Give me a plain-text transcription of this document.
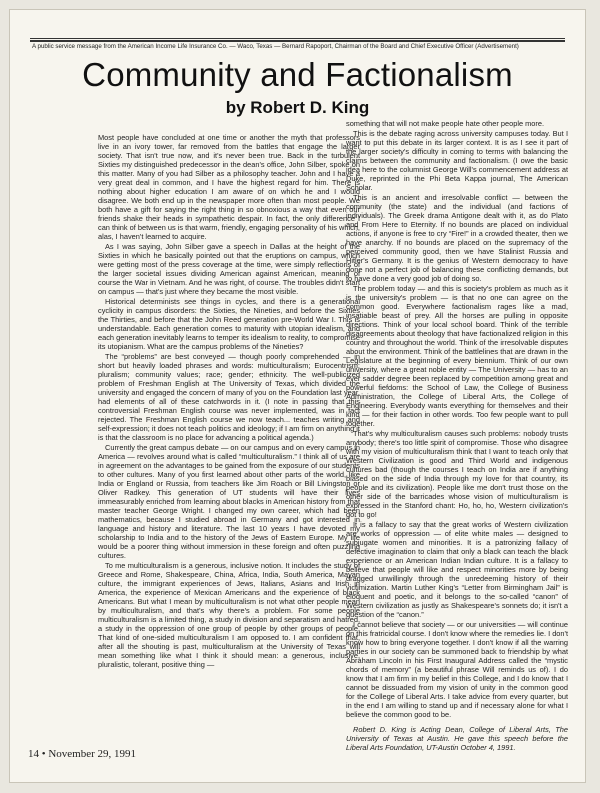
A public service message from the American Income Life Insurance Co. — Waco, Texas — Bernard Rapoport, Chairman of the Board and Chief Executive Officer (Advertisement)
Community and Factionalism
by Robert D. King

Most people have concluded at one time or another the myth that professors live in an ivory tower, far removed from the battles that engage the larger society. That isn't true now, and it's never been true. Back in the turbulent Sixties my distinguished predecessor in the dean's office, John Silber, spoke on this matter. Many of you had Silber as a philosophy teacher. John and I have a very great deal in common, and I have the highest regard for him. There is nothing about higher education I am aware of on which he and I would disagree. We both end up in the newspaper more often than most people. We both have a gift for saying the right thing in so obnoxious a way that even our friends shake their heads in sympathetic despair. In fact, the only difference I can think of between us is that warm, friendly, engaging personality of his which, alas, I haven't learned to acquire.

As I was saying, John Silber gave a speech in Dallas at the height of the Sixties in which he basically pointed out that the eruptions on campus, which were getting most of the press coverage at the time, were simply reflections of the larger societal issues dividing American against American, meaning of course the War in Vietnam. And he was right, of course. The troubles didn't start on campus — that's just where they became the most visible.

Historical determinists see things in cycles, and there is a generational cyclicity in campus disorders: the Sixties, the Nineties, and before the Sixties the Thirties, and before that the John Reed generation pre-World War I. This is understandable. Each generation comes to maturity with utopian idealism, and each generation inevitably learns to temper its idealism to reality, to compromise its utopianism. What are the campus problems of the Nineties?

The “problems” are best conveyed — though poorly comprehended — in short but heavily loaded phrases and words: multiculturalism; Eurocentrism; pluralism; community values; race; gender; ethnicity. The well-publicized problem of Freshman English at The University of Texas, which divided the university and engaged the concern of many of you on the Foundation last year, had elements of all of these catchwords in it. (I note in passing that this controversial Freshman English course was never implemented, was in fact rejected. The Freshman English course we now teach... teaches writing and self-expression; it does not teach politics and ideology; if I am firm on anything it is that the classroom is no place for advancing a political agenda.)

Currently the great campus debate — on our campus and on every campus in America — revolves around what is called “multiculturalism.” I think all of us are in agreement on the advantages to be gained from the exposure of our students to other cultures. Many of you first learned about other parts of the world, like India or England or Russia, from teachers like Jim Roach or Bill Livingston or Oliver Radkey. This generation of UT students will have their lives immeasurably enriched from learning about blacks in American history from that master teacher George Wright. I changed my own career, which had been mathematics, because I studied abroad in Germany and got interested in language and history and literature. The last 10 years I have devoted my scholarship to India and to the history of the Jews of Eastern Europe. My life would be a poorer thing without immersion in these foreign and often puzzling cultures.

To me multiculturalism is a generous, inclusive notion. It includes the study of Greece and Rome, Shakespeare, China, Africa, India, South America, Mayan culture, the immigrant experiences of Jews, Italians, Asians and Irish in America, the experience of Mexican Americans and the experience of black Americans. But what I mean by multiculturalism is not what other people mean by multiculturalism, and that's why there's a problem. For some people multiculturalism is a limited thing, a study in division and separatism and hatred, a study in the oppression of one group of people by other groups of people. That kind of one-sided multiculturalism I am opposed to. I am confident that, after all the shouting is past, multiculturalism at the University of Texas will mean something like what I think it should mean: a generous, inclusive, pluralistic, tolerant, positive thing —

something that will not make people hate other people more.

This is the debate raging across university campuses today. But I want to put this debate in its larger context. It is as I see it part of the larger society's difficulty in coming to terms with balancing the claims between the community and factionalism. (I owe the basic idea here to the columnist George Will's commencement address at Duke, reprinted in the Phi Beta Kappa journal, The American Scholar.

This is an ancient and irresolvable conflict — between the community (the state) and the individual (and factions of individuals). The Greek drama Antigone dealt with it, as do Plato and From Here to Eternity. If no bounds are placed on individual actions, if anyone is free to cry “Fire!” in a crowded theater, then we have anarchy. If no bounds are placed on the supremacy of the perceived community good, then we have Stalinist Russia and Hitler's Germany. It is the genius of Western democracy to have done not a perfect job of balancing these conflicting demands, but to have done a very good job of doing so.

The problem today — and this is society's problem as much as it is the university's problem — is that no one can agree on the common good. Everywhere factionalism rages like a mad, insatiable beast of prey. All the horses are pulling in opposite directions. Think of your local school board. Think of the terrible disagreements about theology that have factionalized religion in this country and throughout the world. Think of the irresolvable disputes about the environment. Think of the battlelines that are drawn in the Legislature at the beginning of every biennium. Think of our own university, where a great noble entity — The University — has to an ever sadder degree been replaced by competition among great and powerful fiefdoms: the School of Law, the College of Business Administration, the College of Liberal Arts, the College of Engineering. Everybody wants everything for themselves and their kind — for their faction in other words. Too few people want to pull together.

That's why multiculturalism causes such problems: nobody trusts anybody; there's too little spirit of compromise. Those who disagree with my vision of multiculturalism think that I want to teach only that Western Civilization is good and Third World and indigenous cultures bad (though the courses I teach on India are if anything biased on the side of India through my love for that country, its people and its civilization). People like me don't trust those on the other side of the barricades whose vision of multiculturalism is expressed in the Stanford chant: Ho, ho, ho, Western civilization's got to go!

It is a fallacy to say that the great works of Western civilization are works of oppression — of elite white males — designed to subjugate women and minorities. It is a patronizing fallacy of defective imagination to claim that only a black can teach the black experience or an American Indian Indian culture. It is a fallacy to believe that people will like and respect minorities more by being dragged unwillingly through the unredeeming history of their victimization. Martin Luther King's “Letter from Birmingham Jail” is eloquent and poetic, and it belongs to the so-called “canon” of Western civilization as justly as Shakespeare's sonnets do; it isn't a question of the “canon.”

I cannot believe that society — or our universities — will continue on this fratricidal course. I don't know where the remedies lie. I don't know how to bring everyone together. I don't know if all the warring parties in our society can be summoned back to friendship by what Abraham Lincoln in his First Inaugural Address called the “mystic chords of memory” (a beautiful phrase Will reminds us of). I do know that I am firm in my belief in this College, and I do know that I cannot be dissuaded from my vision of unity in the common good for the College of Liberal Arts. I take advice from every quarter, but in the end I am willing to stand up and if necessary alone for what I believe the common good to be.

Robert D. King is Acting Dean, College of Liberal Arts, The University of Texas at Austin. He gave this speech before the Liberal Arts Foundation, UT-Austin October 4, 1991.

14 • November 29, 1991
